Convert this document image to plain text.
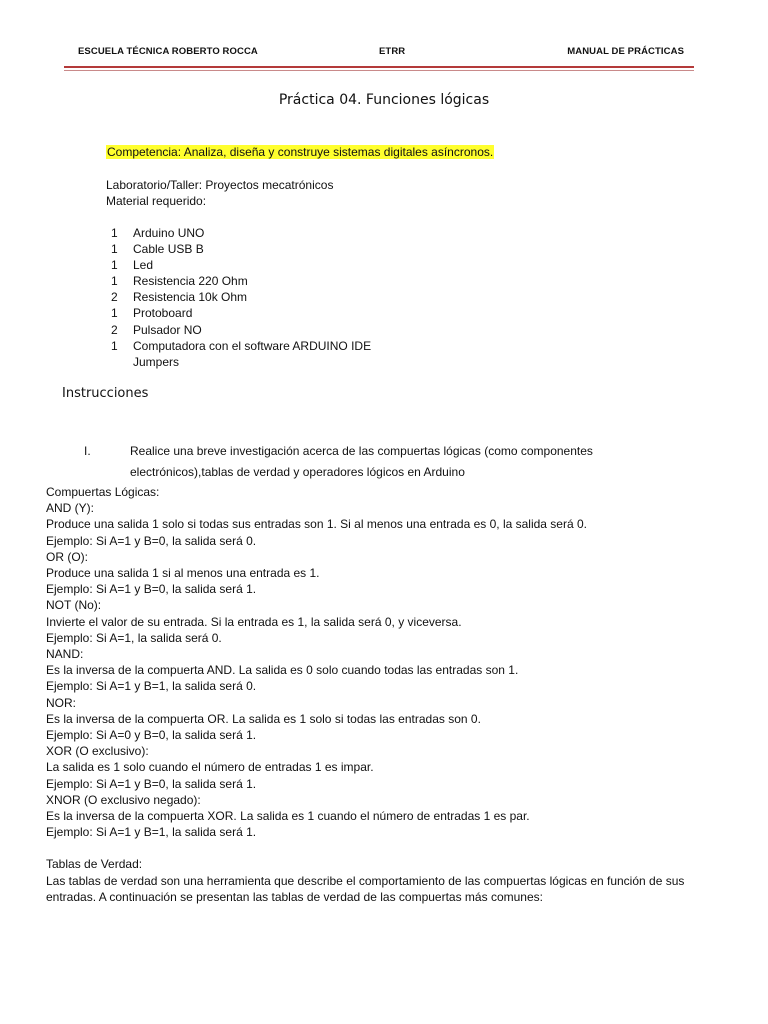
ESCUELA TÉCNICA ROBERTO ROCCA	ETRR	MANUAL DE PRÁCTICAS
Práctica 04. Funciones lógicas
Competencia: Analiza, diseña y construye sistemas digitales asíncronos.
Laboratorio/Taller: Proyectos mecatrónicos
Material requerido:
1	Arduino UNO
1	Cable USB B
1	Led
1	Resistencia 220 Ohm
2	Resistencia 10k Ohm
1	Protoboard
2	Pulsador NO
1	Computadora con el software ARDUINO IDE
Jumpers
Instrucciones
I.	Realice una breve investigación acerca de las compuertas lógicas (como componentes
electrónicos),tablas de verdad y operadores lógicos en Arduino
Compuertas Lógicas:
AND (Y):
Produce una salida 1 solo si todas sus entradas son 1. Si al menos una entrada es 0, la salida será 0.
Ejemplo: Si A=1 y B=0, la salida será 0.
OR (O):
Produce una salida 1 si al menos una entrada es 1.
Ejemplo: Si A=1 y B=0, la salida será 1.
NOT (No):
Invierte el valor de su entrada. Si la entrada es 1, la salida será 0, y viceversa.
Ejemplo: Si A=1, la salida será 0.
NAND:
Es la inversa de la compuerta AND. La salida es 0 solo cuando todas las entradas son 1.
Ejemplo: Si A=1 y B=1, la salida será 0.
NOR:
Es la inversa de la compuerta OR. La salida es 1 solo si todas las entradas son 0.
Ejemplo: Si A=0 y B=0, la salida será 1.
XOR (O exclusivo):
La salida es 1 solo cuando el número de entradas 1 es impar.
Ejemplo: Si A=1 y B=0, la salida será 1.
XNOR (O exclusivo negado):
Es la inversa de la compuerta XOR. La salida es 1 cuando el número de entradas 1 es par.
Ejemplo: Si A=1 y B=1, la salida será 1.
Tablas de Verdad:
Las tablas de verdad son una herramienta que describe el comportamiento de las compuertas lógicas en función de sus entradas. A continuación se presentan las tablas de verdad de las compuertas más comunes:
